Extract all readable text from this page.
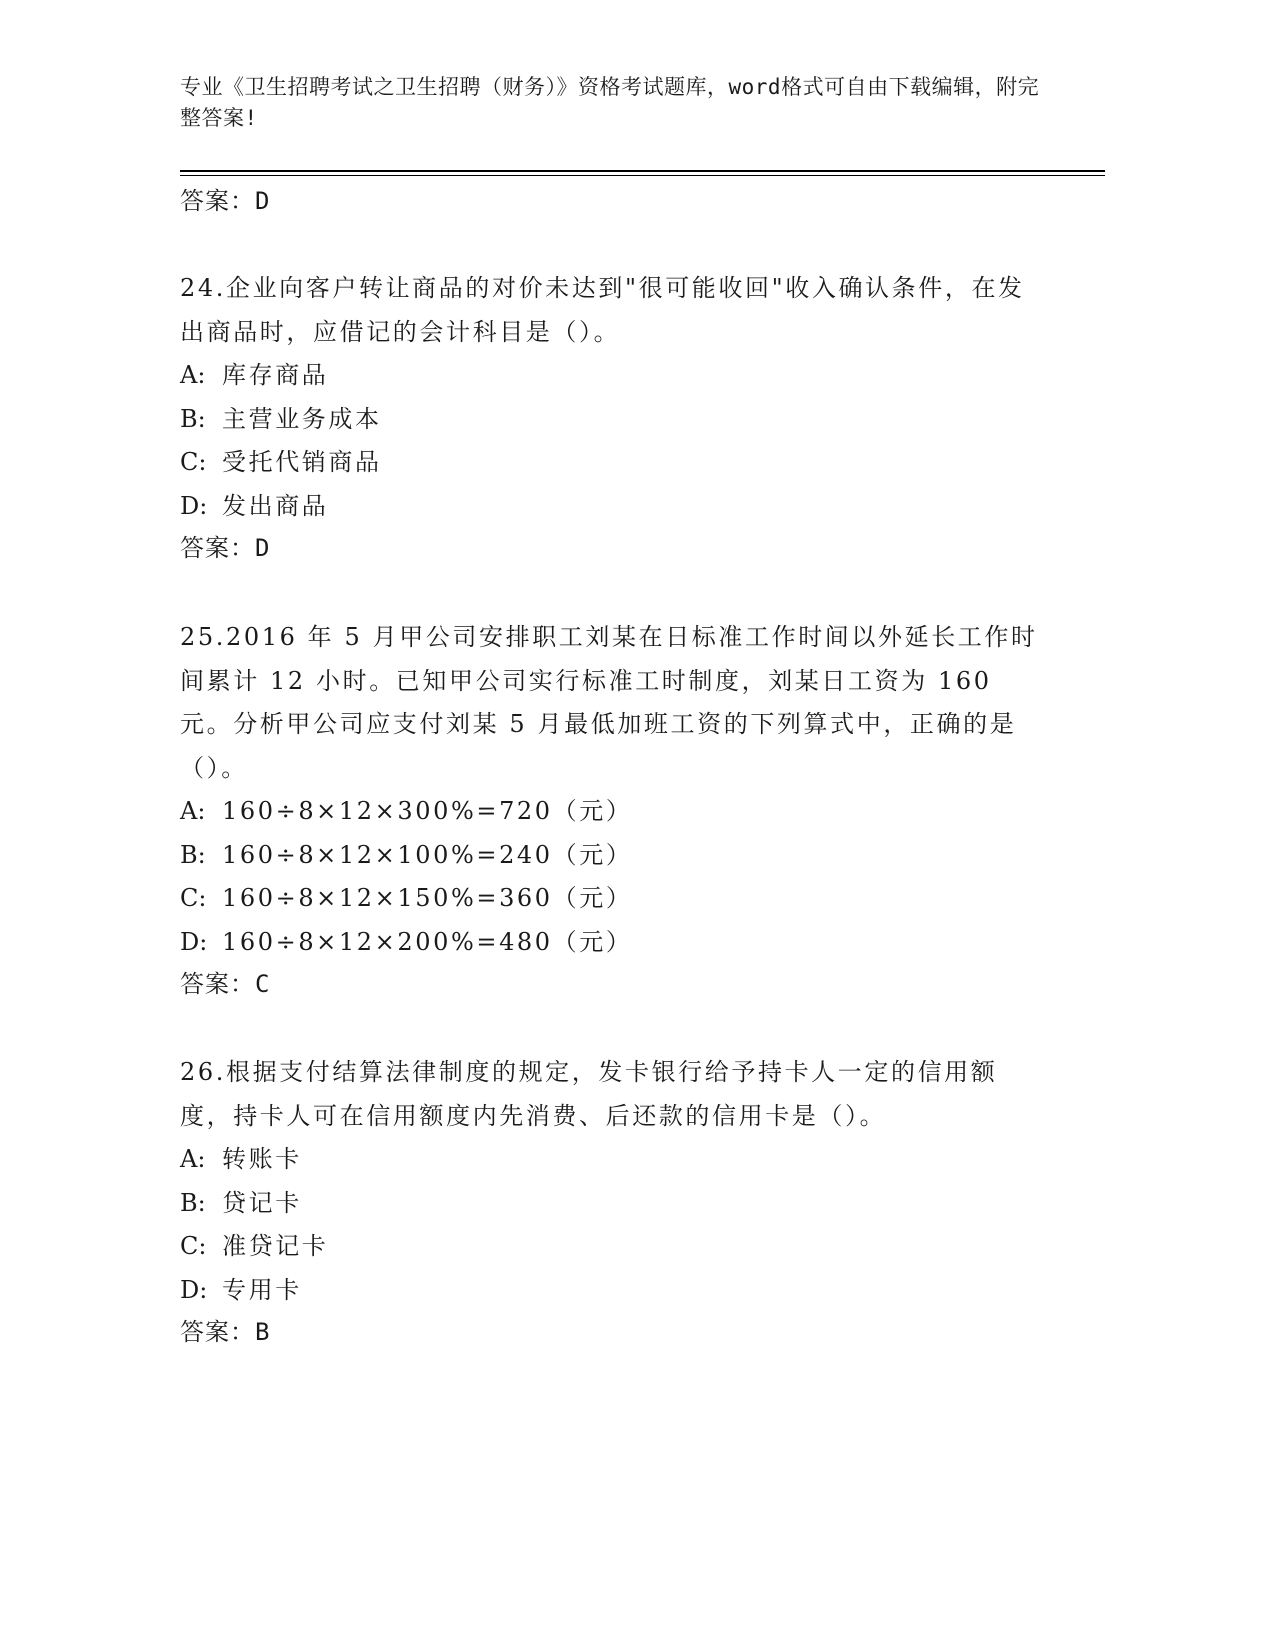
专业《卫生招聘考试之卫生招聘（财务）》资格考试题库，word格式可自由下载编辑，附完整答案!
答案：D
24.企业向客户转让商品的对价未达到"很可能收回"收入确认条件，在发出商品时，应借记的会计科目是（）。
A: 库存商品
B: 主营业务成本
C: 受托代销商品
D: 发出商品
答案：D
25.2016 年 5 月甲公司安排职工刘某在日标准工作时间以外延长工作时间累计 12 小时。已知甲公司实行标准工时制度，刘某日工资为 160 元。分析甲公司应支付刘某 5 月最低加班工资的下列算式中，正确的是（）。
A: 160÷8×12×300%=720（元）
B: 160÷8×12×100%=240（元）
C: 160÷8×12×150%=360（元）
D: 160÷8×12×200%=480（元）
答案：C
26.根据支付结算法律制度的规定，发卡银行给予持卡人一定的信用额度，持卡人可在信用额度内先消费、后还款的信用卡是（）。
A: 转账卡
B: 贷记卡
C: 准贷记卡
D: 专用卡
答案：B
